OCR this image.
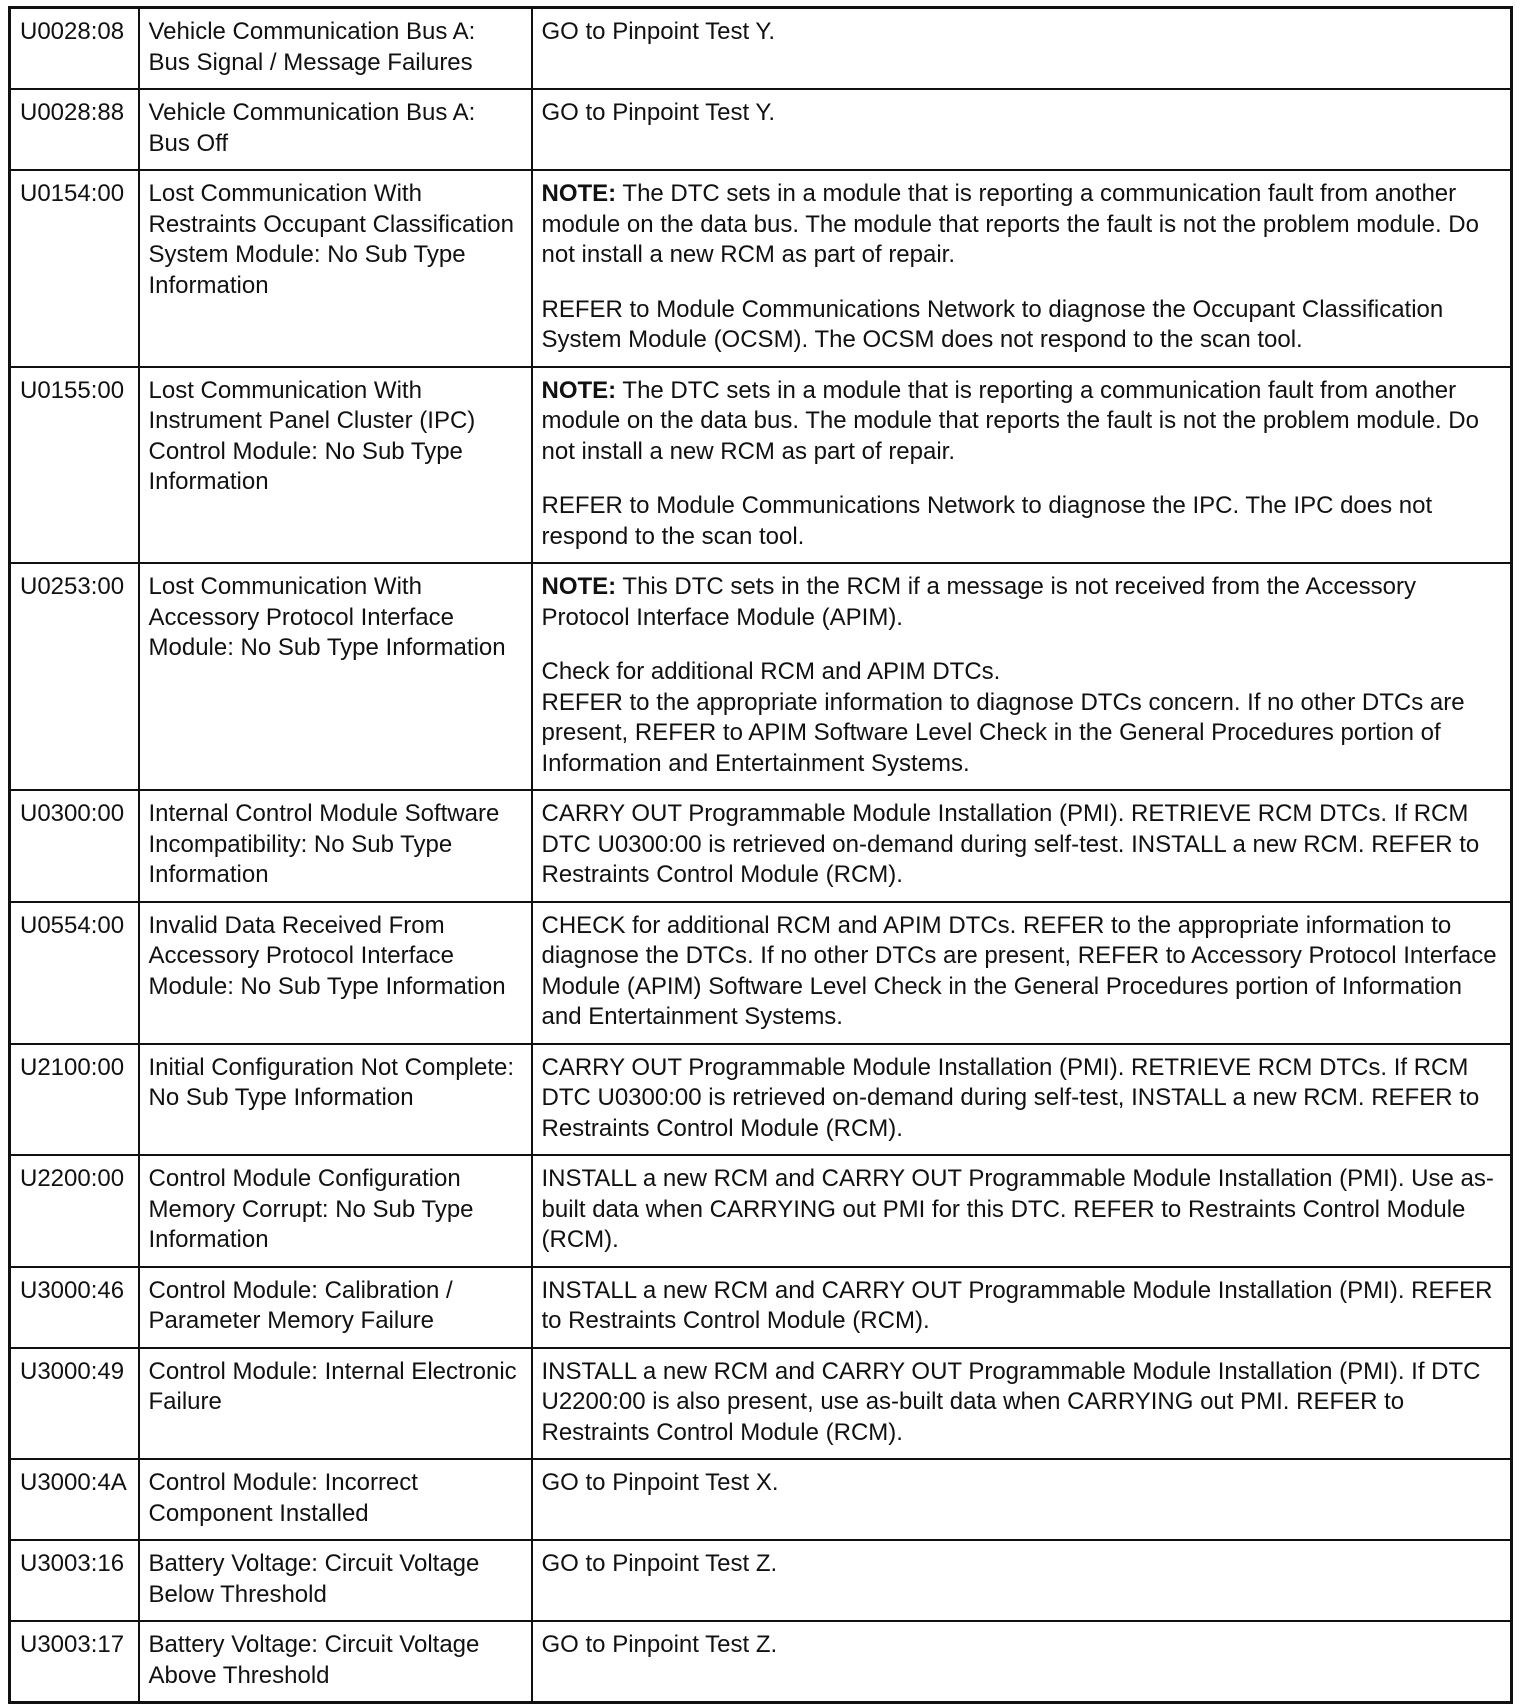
U0028:08	Vehicle Communication Bus A: Bus Signal / Message Failures	GO to Pinpoint Test Y.

U0028:88	Vehicle Communication Bus A: Bus Off	GO to Pinpoint Test Y.

U0154:00	Lost Communication With Restraints Occupant Classification System Module: No Sub Type Information	NOTE: The DTC sets in a module that is reporting a communication fault from another module on the data bus. The module that reports the fault is not the problem module. Do not install a new RCM as part of repair.

REFER to Module Communications Network to diagnose the Occupant Classification System Module (OCSM). The OCSM does not respond to the scan tool.

U0155:00	Lost Communication With Instrument Panel Cluster (IPC) Control Module: No Sub Type Information	NOTE: The DTC sets in a module that is reporting a communication fault from another module on the data bus. The module that reports the fault is not the problem module. Do not install a new RCM as part of repair.

REFER to Module Communications Network to diagnose the IPC. The IPC does not respond to the scan tool.

U0253:00	Lost Communication With Accessory Protocol Interface Module: No Sub Type Information	NOTE: This DTC sets in the RCM if a message is not received from the Accessory Protocol Interface Module (APIM).

Check for additional RCM and APIM DTCs.

REFER to the appropriate information to diagnose DTCs concern. If no other DTCs are present, REFER to APIM Software Level Check in the General Procedures portion of Information and Entertainment Systems.

U0300:00	Internal Control Module Software Incompatibility: No Sub Type Information	CARRY OUT Programmable Module Installation (PMI). RETRIEVE RCM DTCs. If RCM DTC U0300:00 is retrieved on-demand during self-test. INSTALL a new RCM. REFER to Restraints Control Module (RCM).

U0554:00	Invalid Data Received From Accessory Protocol Interface Module: No Sub Type Information	CHECK for additional RCM and APIM DTCs. REFER to the appropriate information to diagnose the DTCs. If no other DTCs are present, REFER to Accessory Protocol Interface Module (APIM) Software Level Check in the General Procedures portion of Information and Entertainment Systems.

U2100:00	Initial Configuration Not Complete: No Sub Type Information	CARRY OUT Programmable Module Installation (PMI). RETRIEVE RCM DTCs. If RCM DTC U0300:00 is retrieved on-demand during self-test, INSTALL a new RCM. REFER to Restraints Control Module (RCM).

U2200:00	Control Module Configuration Memory Corrupt: No Sub Type Information	INSTALL a new RCM and CARRY OUT Programmable Module Installation (PMI). Use as-built data when CARRYING out PMI for this DTC. REFER to Restraints Control Module (RCM).

U3000:46	Control Module: Calibration / Parameter Memory Failure	INSTALL a new RCM and CARRY OUT Programmable Module Installation (PMI). REFER to Restraints Control Module (RCM).

U3000:49	Control Module: Internal Electronic Failure	INSTALL a new RCM and CARRY OUT Programmable Module Installation (PMI). If DTC U2200:00 is also present, use as-built data when CARRYING out PMI. REFER to Restraints Control Module (RCM).

U3000:4A	Control Module: Incorrect Component Installed	GO to Pinpoint Test X.

U3003:16	Battery Voltage: Circuit Voltage Below Threshold	GO to Pinpoint Test Z.

U3003:17	Battery Voltage: Circuit Voltage Above Threshold	GO to Pinpoint Test Z.
